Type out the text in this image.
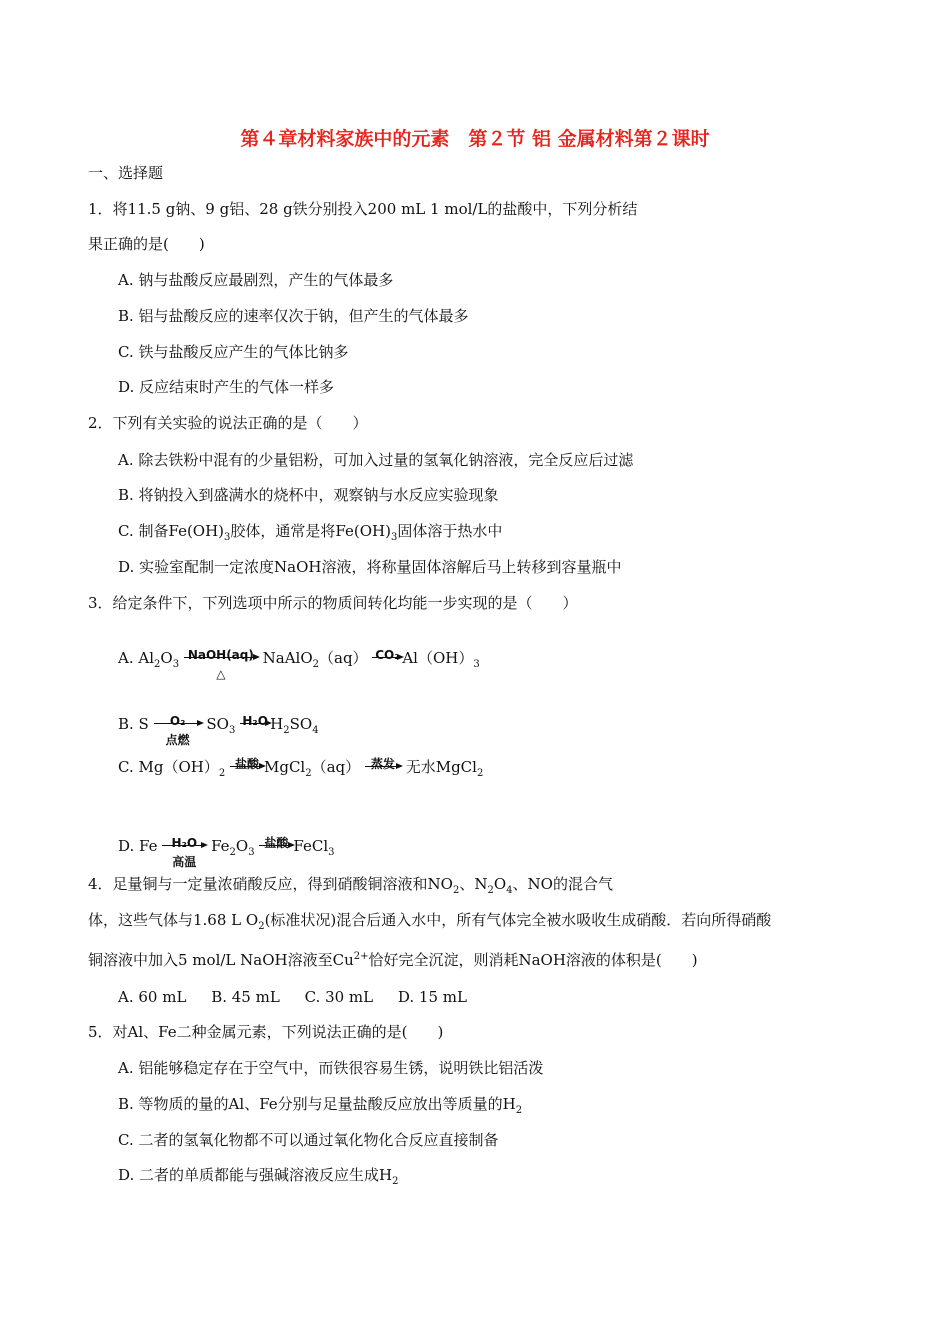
第４章材料家族中的元素　第２节 铝 金属材料第２课时
一、选择题
1．将11.5 g钠、9 g铝、28 g铁分别投入200 mL 1 mol/L的盐酸中，下列分析结
果正确的是(　　)
A. 钠与盐酸反应最剧烈，产生的气体最多
B. 铝与盐酸反应的速率仅次于钠，但产生的气体最多
C. 铁与盐酸反应产生的气体比钠多
D. 反应结束时产生的气体一样多
2．下列有关实验的说法正确的是（　　）
A. 除去铁粉中混有的少量铝粉，可加入过量的氢氧化钠溶液，完全反应后过滤
B. 将钠投入到盛满水的烧杯中，观察钠与水反应实验现象
C. 制备$Fe(OH)_3$胶体，通常是将$Fe(OH)_3$固体溶于热水中
D. 实验室配制一定浓度NaOH溶液，将称量固体溶解后马上转移到容量瓶中
3．给定条件下，下列选项中所示的物质间转化均能一步实现的是（　　）
A. $Al_2O_3$
NaOH(aq)
△
NaAlO$_2$（aq） CO₂ $Al(OH)_3$
B. S	O₂
点燃
$SO_3$
H₂O $H_2SO_4$
C. $Mg(OH)_2$
盐酸 MgCl$_2$（aq） 蒸发 无水MgCl$_2$
D. Fe	H₂O
高温
$Fe_2O_3$
盐酸 FeCl$_3$
4．足量铜与一定量浓硝酸反应，得到硝酸铜溶液和$NO_2$、$N_2O_4$、NO的混合气
体，这些气体与1.68 L $O_2$(标准状况)混合后通入水中，所有气体完全被水吸收生成硝酸．若向所得硝酸
铜溶液中加入5 mol/L NaOH溶液至$Cu^{2+}$恰好完全沉淀，则消耗NaOH溶液的体积是(　　)
A. 60 mL B. 45 mL C. 30 mL D. 15 mL
5．对Al、Fe二种金属元素，下列说法正确的是(　　)
A. 铝能够稳定存在于空气中，而铁很容易生锈，说明铁比铝活泼
B. 等物质的量的Al、Fe分别与足量盐酸反应放出等质量的$H_2$
C. 二者的氢氧化物都不可以通过氧化物化合反应直接制备
D. 二者的单质都能与强碱溶液反应生成$H_2$
